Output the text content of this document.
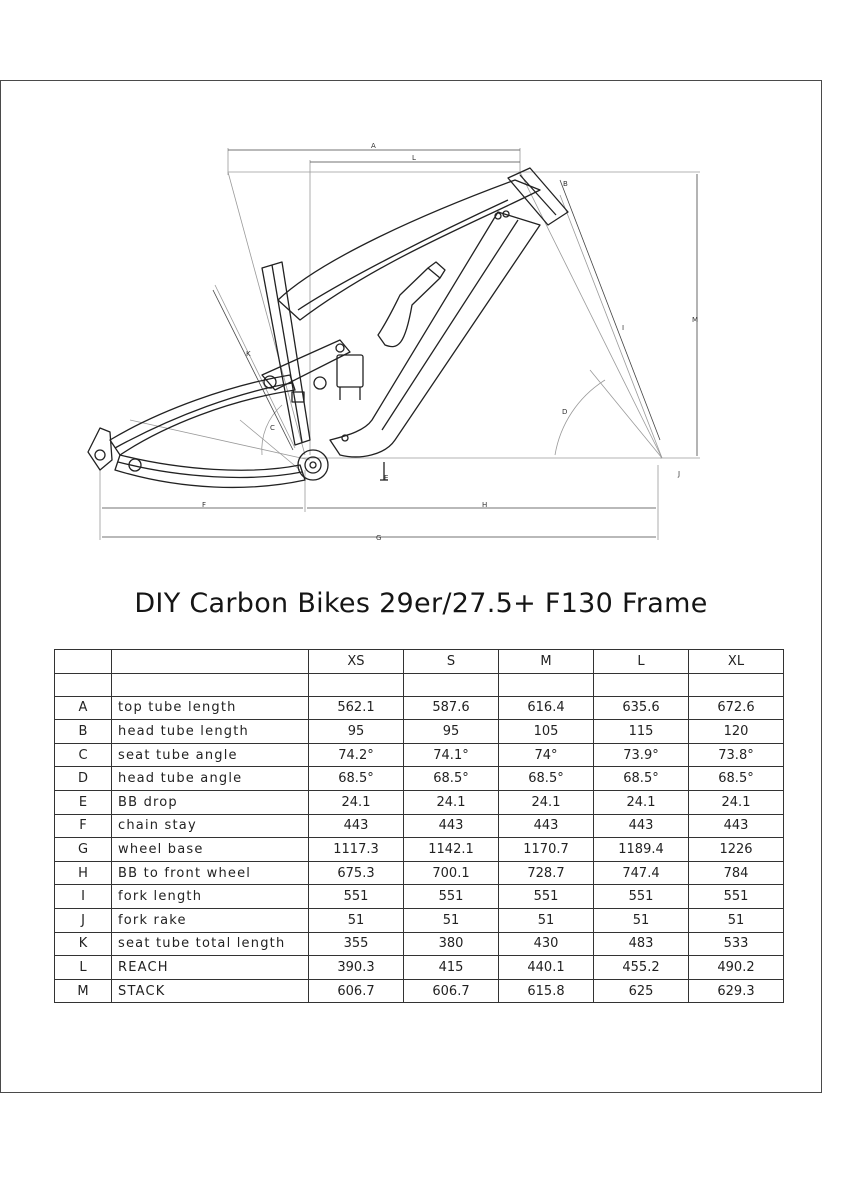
A
L
B
M
I
J
K
C
D
E
F	H
G
DIY Carbon Bikes 29er/27.5+ F130 Frame
		XS	S	M	L	XL

A	top tube length	562.1	587.6	616.4	635.6	672.6
B	head tube length	95	95	105	115	120
C	seat tube angle	74.2°	74.1°	74°	73.9°	73.8°
D	head tube angle	68.5°	68.5°	68.5°	68.5°	68.5°
E	BB drop	24.1	24.1	24.1	24.1	24.1
F	chain stay	443	443	443	443	443
G	wheel base	1117.3	1142.1	1170.7	1189.4	1226
H	BB to front wheel	675.3	700.1	728.7	747.4	784
I	fork length	551	551	551	551	551
J	fork rake	51	51	51	51	51
K	seat tube total length	355	380	430	483	533
L	REACH	390.3	415	440.1	455.2	490.2
M	STACK	606.7	606.7	615.8	625	629.3
